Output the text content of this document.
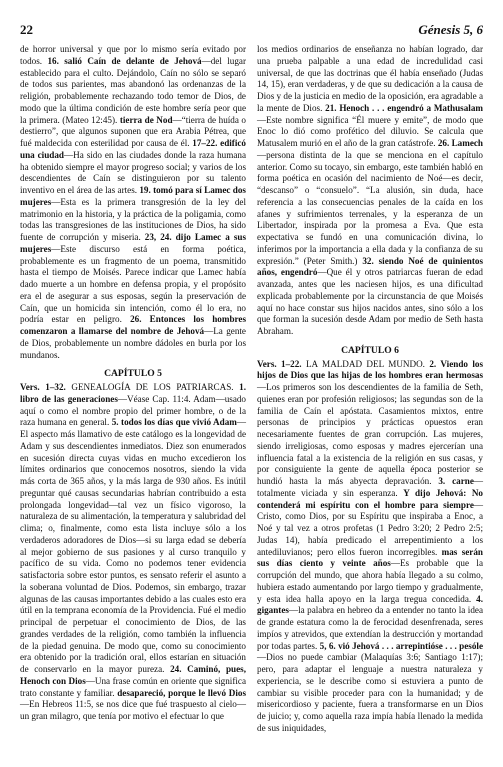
22	Génesis 5, 6

de horror universal y que por lo mismo sería evitado por todos. 16. salió Caín de delante de Jehová—del lugar establecido para el culto. Dejándolo, Caín no sólo se separó de todos sus parientes, mas abandonó las ordenanzas de la religión, probablemente rechazando todo temor de Dios, de modo que la última condición de este hombre sería peor que la primera. (Mateo 12:45). tierra de Nod—“tierra de huída o destierro”, que algunos suponen que era Arabia Pétrea, que fué maldecida con esterilidad por causa de él. 17–22. edificó una ciudad—Ha sido en las ciudades donde la raza humana ha obtenido siempre el mayor progreso social; y varios de los descendientes de Caín se distinguieron por su talento inventivo en el área de las artes. 19. tomó para sí Lamec dos mujeres—Esta es la primera transgresión de la ley del matrimonio en la historia, y la práctica de la poligamia, como todas las transgresiones de las instituciones de Dios, ha sido fuente de corrupción y miseria. 23, 24. dijo Lamec a sus mujeres—Este discurso está en forma poética, probablemente es un fragmento de un poema, transmitido hasta el tiempo de Moisés. Parece indicar que Lamec había dado muerte a un hombre en defensa propia, y el propósito era el de asegurar a sus esposas, según la preservación de Caín, que un homicida sin intención, como él lo era, no podría estar en peligro. 26. Entonces los hombres comenzaron a llamarse del nombre de Jehová—La gente de Dios, probablemente un nombre dádoles en burla por los mundanos.

CAPÍTULO 5

Vers. 1–32. GENEALOGÍA DE LOS PATRIARCAS. 1. libro de las generaciones—Véase Cap. 11:4. Adam—usado aquí o como el nombre propio del primer hombre, o de la raza humana en general. 5. todos los días que vivió Adam—El aspecto más llamativo de este catálogo es la longevidad de Adam y sus descendientes inmediatos. Diez son enumerados en sucesión directa cuyas vidas en mucho excedieron los límites ordinarios que conocemos nosotros, siendo la vida más corta de 365 años, y la más larga de 930 años. Es inútil preguntar qué causas secundarias habrían contribuido a esta prolongada longevidad—tal vez un físico vigoroso, la naturaleza de su alimentación, la temperatura y salubridad del clima; o, finalmente, como esta lista incluye sólo a los verdaderos adoradores de Dios—si su larga edad se debería al mejor gobierno de sus pasiones y al curso tranquilo y pacífico de su vida. Como no podemos tener evidencia satisfactoria sobre estor puntos, es sensato referir el asunto a la soberana voluntad de Dios. Podemos, sin embargo, trazar algunas de las causas importantes debido a las cuales esto era útil en la temprana economía de la Providencia. Fué el medio principal de perpetuar el conocimiento de Dios, de las grandes verdades de la religión, como también la influencia de la piedad genuina. De modo que, como su conocimiento era obtenido por la tradición oral, ellos estarían en situación de conservarlo en la mayor pureza. 24. Caminó, pues, Henoch con Dios—Una frase común en oriente que significa trato constante y familiar. desapareció, porque le llevó Dios—En Hebreos 11:5, se nos dice que fué traspuesto al cielo—un gran milagro, que tenía por motivo el efectuar lo que

los medios ordinarios de enseñanza no habían logrado, dar una prueba palpable a una edad de incredulidad casi universal, de que las doctrinas que él había enseñado (Judas 14, 15), eran verdaderas, y de que su dedicación a la causa de Dios y de la justicia en medio de la oposición, era agradable a la mente de Dios. 21. Henoch . . . engendró a Mathusalam—Este nombre significa “Él muere y emite”, de modo que Enoc lo dió como profético del diluvio. Se calcula que Matusalem murió en el año de la gran catástrofe. 26. Lamech—persona distinta de la que se menciona en el capítulo anterior. Como su tocayo, sin embargo, este también habló en forma poética en ocasión del nacimiento de Noé—es decir, “descanso” o “consuelo”. “La alusión, sin duda, hace referencia a las consecuencias penales de la caída en los afanes y sufrimientos terrenales, y la esperanza de un Libertador, inspirada por la promesa a Eva. Que esta expectativa se fundó en una comunicación divina, lo inferimos por la importancia a ella dada y la confianza de su expresión.” (Peter Smith.) 32. siendo Noé de quinientos años, engendró—Que él y otros patriarcas fueran de edad avanzada, antes que les naciesen hijos, es una dificultad explicada probablemente por la circunstancia de que Moisés aquí no hace constar sus hijos nacidos antes, sino sólo a los que forman la sucesión desde Adam por medio de Seth hasta Abraham.

CAPÍTULO 6

Vers. 1–22. LA MALDAD DEL MUNDO. 2. Viendo los hijos de Dios que las hijas de los hombres eran hermosas—Los primeros son los descendientes de la familia de Seth, quienes eran por profesión religiosos; las segundas son de la familia de Caín el apóstata. Casamientos mixtos, entre personas de principios y prácticas opuestos eran necesariamente fuentes de gran corrupción. Las mujeres, siendo irreligiosas, como esposas y madres ejercerían una influencia fatal a la existencia de la religión en sus casas, y por consiguiente la gente de aquella época posterior se hundió hasta la más abyecta depravación. 3. carne—totalmente viciada y sin esperanza. Y dijo Jehová: No contenderá mi espíritu con el hombre para siempre—Cristo, como Dios, por su Espíritu que inspiraba a Enoc, a Noé y tal vez a otros profetas (1 Pedro 3:20; 2 Pedro 2:5; Judas 14), había predicado el arrepentimiento a los antediluvianos; pero ellos fueron incorregibles. mas serán sus días ciento y veinte años—Es probable que la corrupción del mundo, que ahora había llegado a su colmo, hubiera estado aumentando por largo tiempo y gradualmente, y esta idea halla apoyo en la larga tregua concedida. 4. gigantes—la palabra en hebreo da a entender no tanto la idea de grande estatura como la de ferocidad desenfrenada, seres impíos y atrevidos, que extendían la destrucción y mortandad por todas partes. 5, 6. vió Jehová . . . arrepintióse . . . pesóle—Dios no puede cambiar (Malaquías 3:6; Santiago 1:17); pero, para adaptar el lenguaje a nuestra naturaleza y experiencia, se le describe como si estuviera a punto de cambiar su visible proceder para con la humanidad; y de misericordioso y paciente, fuera a transformarse en un Dios de juicio; y, como aquella raza impía había llenado la medida de sus iniquidades,
